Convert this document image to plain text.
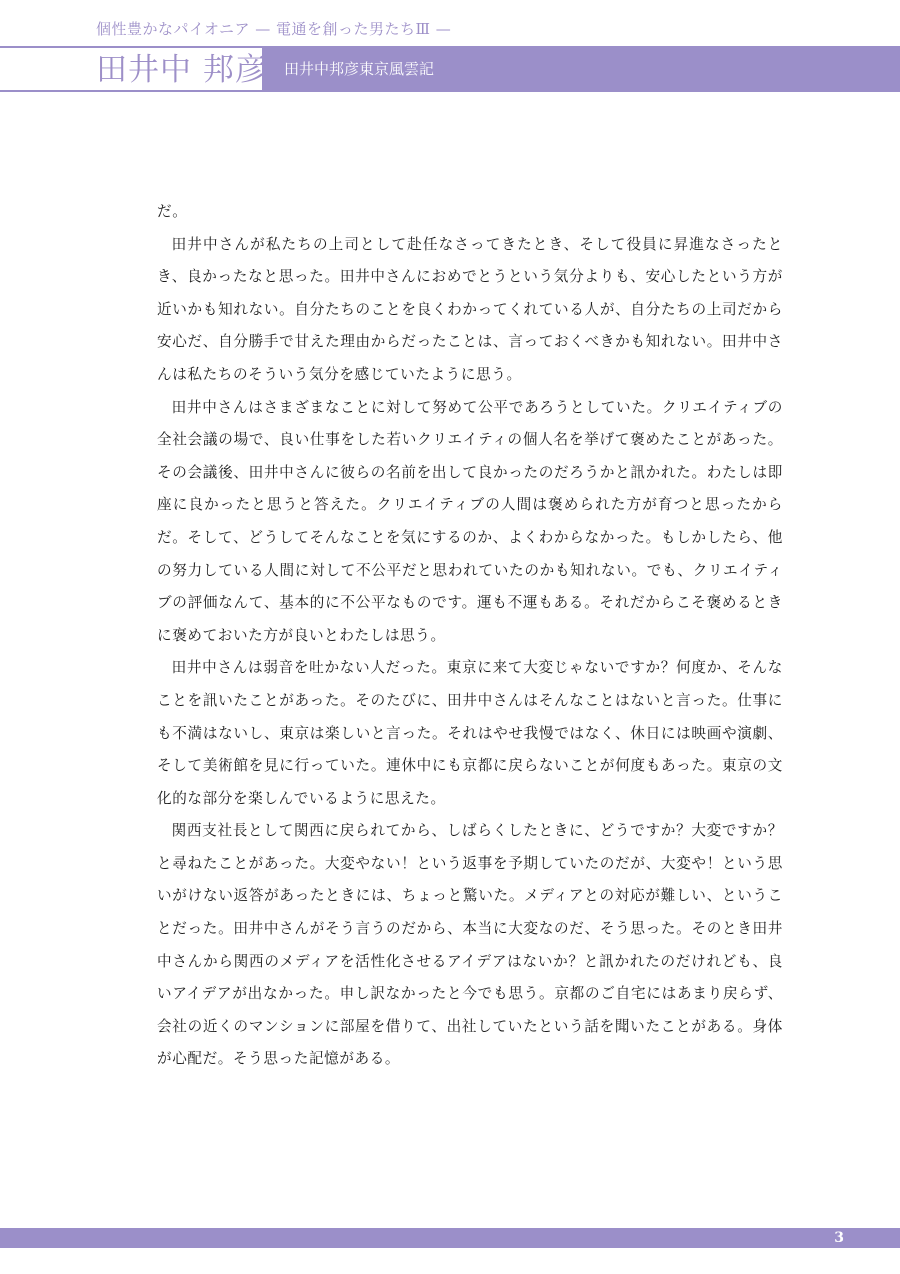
個性豊かなパイオニア — 電通を創った男たちⅢ —
田井中 邦彦 田井中邦彦東京風雲記

だ。

田井中さんが私たちの上司として赴任なさってきたとき、そして役員に昇進なさったとき、良かったなと思った。田井中さんにおめでとうという気分よりも、安心したという方が近いかも知れない。自分たちのことを良くわかってくれている人が、自分たちの上司だから安心だ、自分勝手で甘えた理由からだったことは、言っておくべきかも知れない。田井中さんは私たちのそういう気分を感じていたように思う。

田井中さんはさまざまなことに対して努めて公平であろうとしていた。クリエイティブの全社会議の場で、良い仕事をした若いクリエイティの個人名を挙げて褒めたことがあった。その会議後、田井中さんに彼らの名前を出して良かったのだろうかと訊かれた。わたしは即座に良かったと思うと答えた。クリエイティブの人間は褒められた方が育つと思ったからだ。そして、どうしてそんなことを気にするのか、よくわからなかった。もしかしたら、他の努力している人間に対して不公平だと思われていたのかも知れない。でも、クリエイティブの評価なんて、基本的に不公平なものです。運も不運もある。それだからこそ褒めるときに褒めておいた方が良いとわたしは思う。

田井中さんは弱音を吐かない人だった。東京に来て大変じゃないですか？何度か、そんなことを訊いたことがあった。そのたびに、田井中さんはそんなことはないと言った。仕事にも不満はないし、東京は楽しいと言った。それはやせ我慢ではなく、休日には映画や演劇、そして美術館を見に行っていた。連休中にも京都に戻らないことが何度もあった。東京の文化的な部分を楽しんでいるように思えた。

関西支社長として関西に戻られてから、しばらくしたときに、どうですか？大変ですか？と尋ねたことがあった。大変やない！という返事を予期していたのだが、大変や！という思いがけない返答があったときには、ちょっと驚いた。メディアとの対応が難しい、ということだった。田井中さんがそう言うのだから、本当に大変なのだ、そう思った。そのとき田井中さんから関西のメディアを活性化させるアイデアはないか？と訊かれたのだけれども、良いアイデアが出なかった。申し訳なかったと今でも思う。京都のご自宅にはあまり戻らず、会社の近くのマンションに部屋を借りて、出社していたという話を聞いたことがある。身体が心配だ。そう思った記憶がある。

3
